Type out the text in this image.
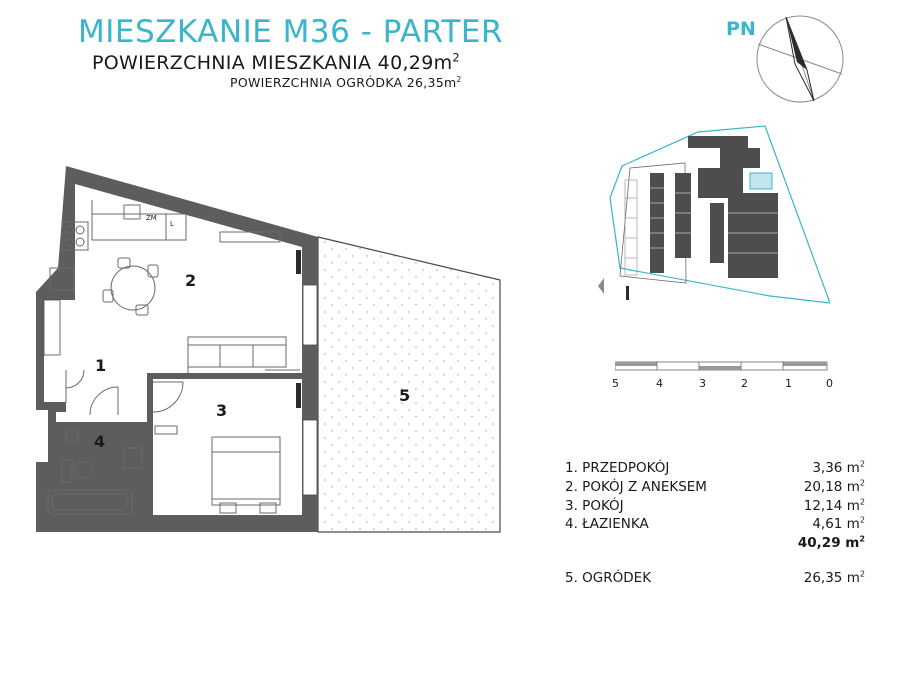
MIESZKANIE M36 - PARTER
POWIERZCHNIA MIESZKANIA $40,29m^2$
POWIERZCHNIA OGRÓDKA $26,35m^2$
PN
ZM
L
2
1
3
4
5
5	4	3	2	1	0
1. PRZEDPOKÓJ	3,36 $m^2$
2. POKÓJ Z ANEKSEM	20,18 $m^2$
3. POKÓJ	12,14 $m^2$
4. ŁAZIENKA	4,61 $m^2$
40,29 $m^2$
5. OGRÓDEK	26,35 $m^2$
